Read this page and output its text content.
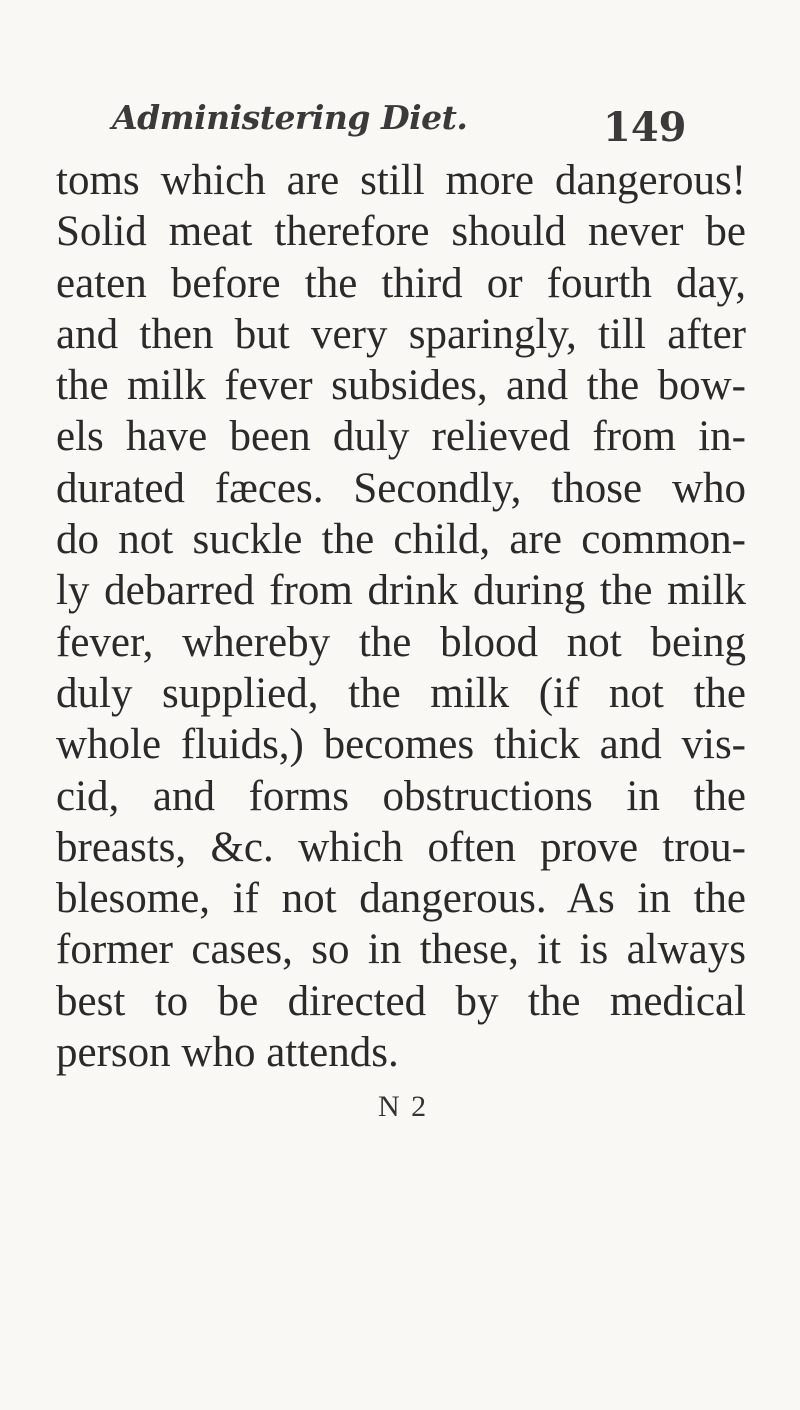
Administering Diet.	149
toms which are still more dangerous!
Solid meat therefore should never be
eaten before the third or fourth day,
and then but very sparingly, till after
the milk fever subsides, and the bow-
els have been duly relieved from in-
durated fæces. Secondly, those who
do not suckle the child, are common-
ly debarred from drink during the milk
fever, whereby the blood not being
duly supplied, the milk (if not the
whole fluids,) becomes thick and vis-
cid, and forms obstructions in the
breasts, &c. which often prove trou-
blesome, if not dangerous. As in the
former cases, so in these, it is always
best to be directed by the medical
person who attends.
N 2
